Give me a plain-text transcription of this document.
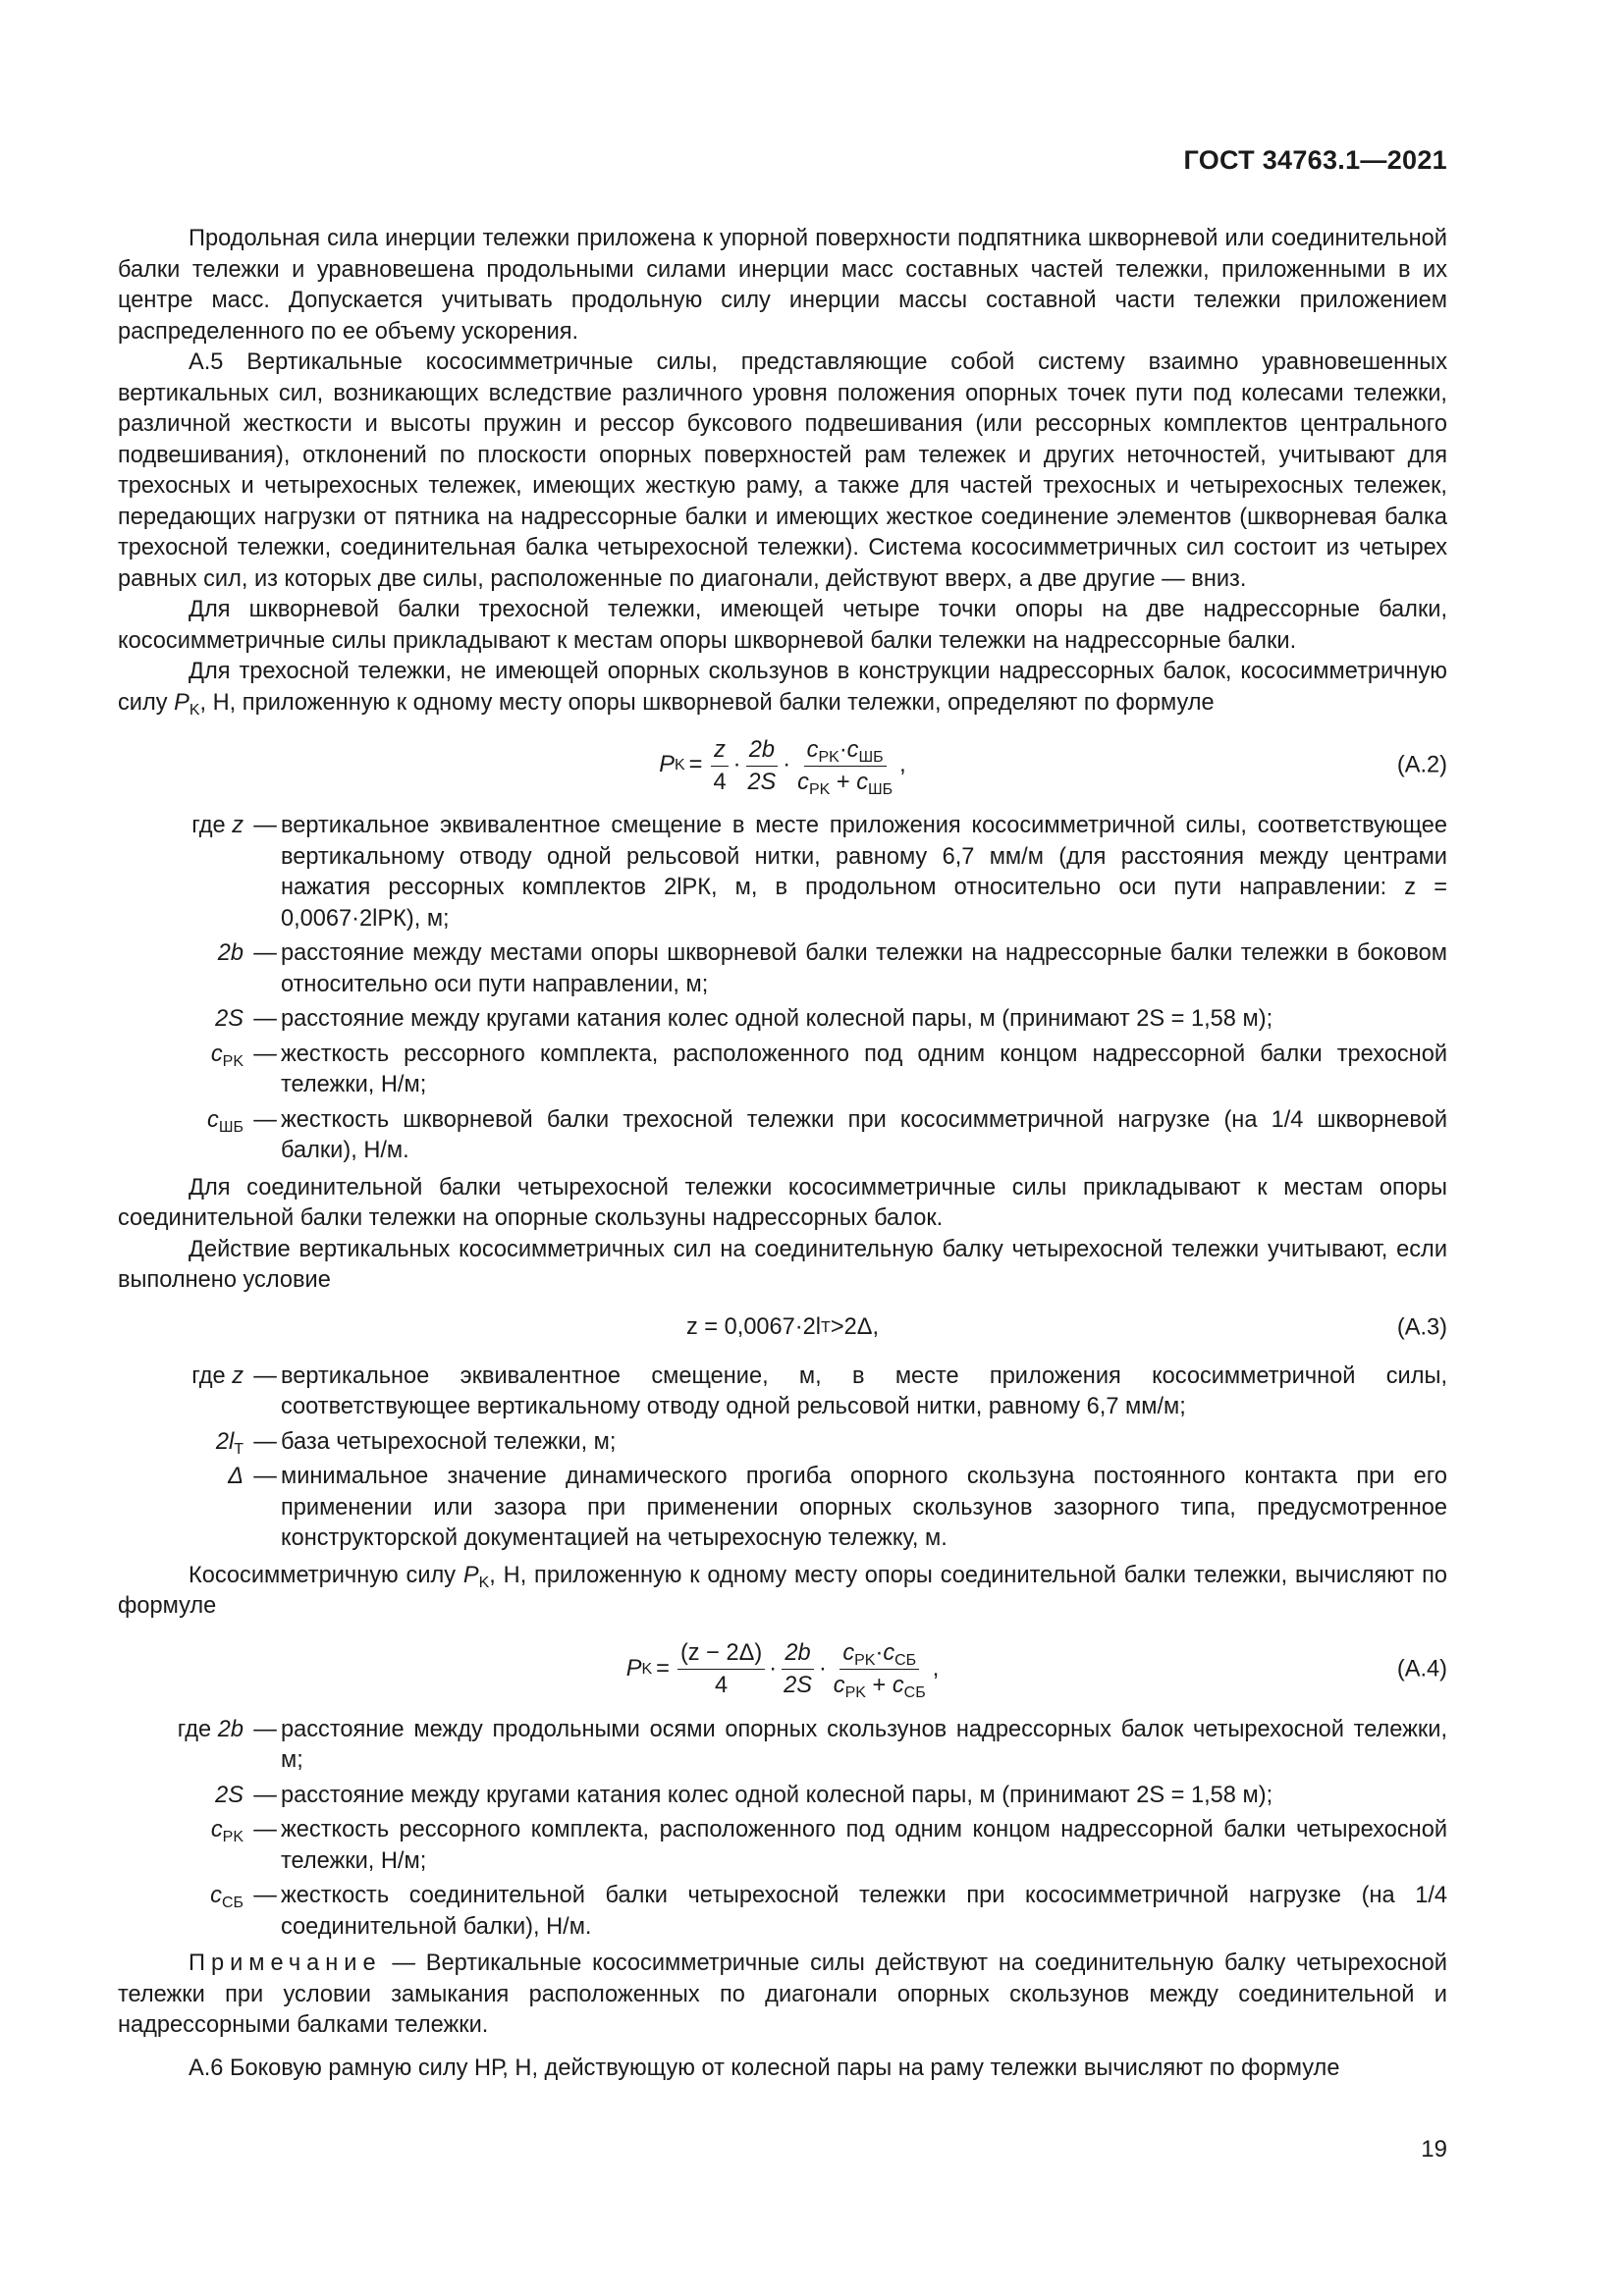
ГОСТ 34763.1—2021

Продольная сила инерции тележки приложена к упорной поверхности подпятника шкворневой или соединительной балки тележки и уравновешена продольными силами инерции масс составных частей тележки, приложенными в их центре масс. Допускается учитывать продольную силу инерции массы составной части тележки приложением распределенного по ее объему ускорения.

А.5 Вертикальные кососимметричные силы, представляющие собой систему взаимно уравновешенных вертикальных сил, возникающих вследствие различного уровня положения опорных точек пути под колесами тележки, различной жесткости и высоты пружин и рессор буксового подвешивания (или рессорных комплектов центрального подвешивания), отклонений по плоскости опорных поверхностей рам тележек и других неточностей, учитывают для трехосных и четырехосных тележек, имеющих жесткую раму, а также для частей трехосных и четырехосных тележек, передающих нагрузки от пятника на надрессорные балки и имеющих жесткое соединение элементов (шкворневая балка трехосной тележки, соединительная балка четырехосной тележки). Система кососимметричных сил состоит из четырех равных сил, из которых две силы, расположенные по диагонали, действуют вверх, а две другие — вниз.

Для шкворневой балки трехосной тележки, имеющей четыре точки опоры на две надрессорные балки, кососимметричные силы прикладывают к местам опоры шкворневой балки тележки на надрессорные балки.

Для трехосной тележки, не имеющей опорных скользунов в конструкции надрессорных балок, кососимметричную силу $P_K$, Н, приложенную к одному месту опоры шкворневой балки тележки, определяют по формуле

P $K = \frac{z}{4} \cdot \frac{2b}{2S} \cdot \frac{c_{PK}\cdot c_{ШБ}}{c_{PK} + c_{ШБ}}$ ,	(А.2)
где z — вертикальное эквивалентное смещение в месте приложения кососимметричной силы, соответствующее вертикальному отводу одной рельсовой нитки, равному 6,7 мм/м (для расстояния между центрами нажатия рессорных комплектов 2lРК, м, в продольном относительно оси пути направлении: z = 0,0067·2lРК), м;
2b — расстояние между местами опоры шкворневой балки тележки на надрессорные балки тележки в боковом относительно оси пути направлении, м;
2S — расстояние между кругами катания колес одной колесной пары, м (принимают 2S = 1,58 м);
$c_{PK}$ — жесткость рессорного комплекта, расположенного под одним концом надрессорной балки трехосной тележки, Н/м;
$c_{ШБ}$ — жесткость шкворневой балки трехосной тележки при кососимметричной нагрузке (на 1/4 шкворневой балки), Н/м.

Для соединительной балки четырехосной тележки кососимметричные силы прикладывают к местам опоры соединительной балки тележки на опорные скользуны надрессорных балок.

Действие вертикальных кососимметричных сил на соединительную балку четырехосной тележки учитывают, если выполнено условие

z = 0,0067·2l T >2Δ,	(А.3)
где z — вертикальное эквивалентное смещение, м, в месте приложения кососимметричной силы, соответствующее вертикальному отводу одной рельсовой нитки, равному 6,7 мм/м;
$2l_T$ — база четырехосной тележки, м;
Δ — минимальное значение динамического прогиба опорного скользуна постоянного контакта при его применении или зазора при применении опорных скользунов зазорного типа, предусмотренное конструкторской документацией на четырехосную тележку, м.

Кососимметричную силу $P_K$, Н, приложенную к одному месту опоры соединительной балки тележки, вычисляют по формуле

P $K = \frac{(z - 2\Delta)}{4} \cdot \frac{2b}{2S} \cdot \frac{c_{PK}\cdot c_{СБ}}{c_{PK} + c_{СБ}}$ ,	(А.4)
где 2b — расстояние между продольными осями опорных скользунов надрессорных балок четырехосной тележки, м;
2S — расстояние между кругами катания колес одной колесной пары, м (принимают 2S = 1,58 м);
$c_{PK}$ — жесткость рессорного комплекта, расположенного под одним концом надрессорной балки четырехосной тележки, Н/м;
$c_{СБ}$ — жесткость соединительной балки четырехосной тележки при кососимметричной нагрузке (на 1/4 соединительной балки), Н/м.

Примечание — Вертикальные кососимметричные силы действуют на соединительную балку четырехосной тележки при условии замыкания расположенных по диагонали опорных скользунов между соединительной и надрессорными балками тележки.

А.6 Боковую рамную силу HР, Н, действующую от колесной пары на раму тележки вычисляют по формуле

19
